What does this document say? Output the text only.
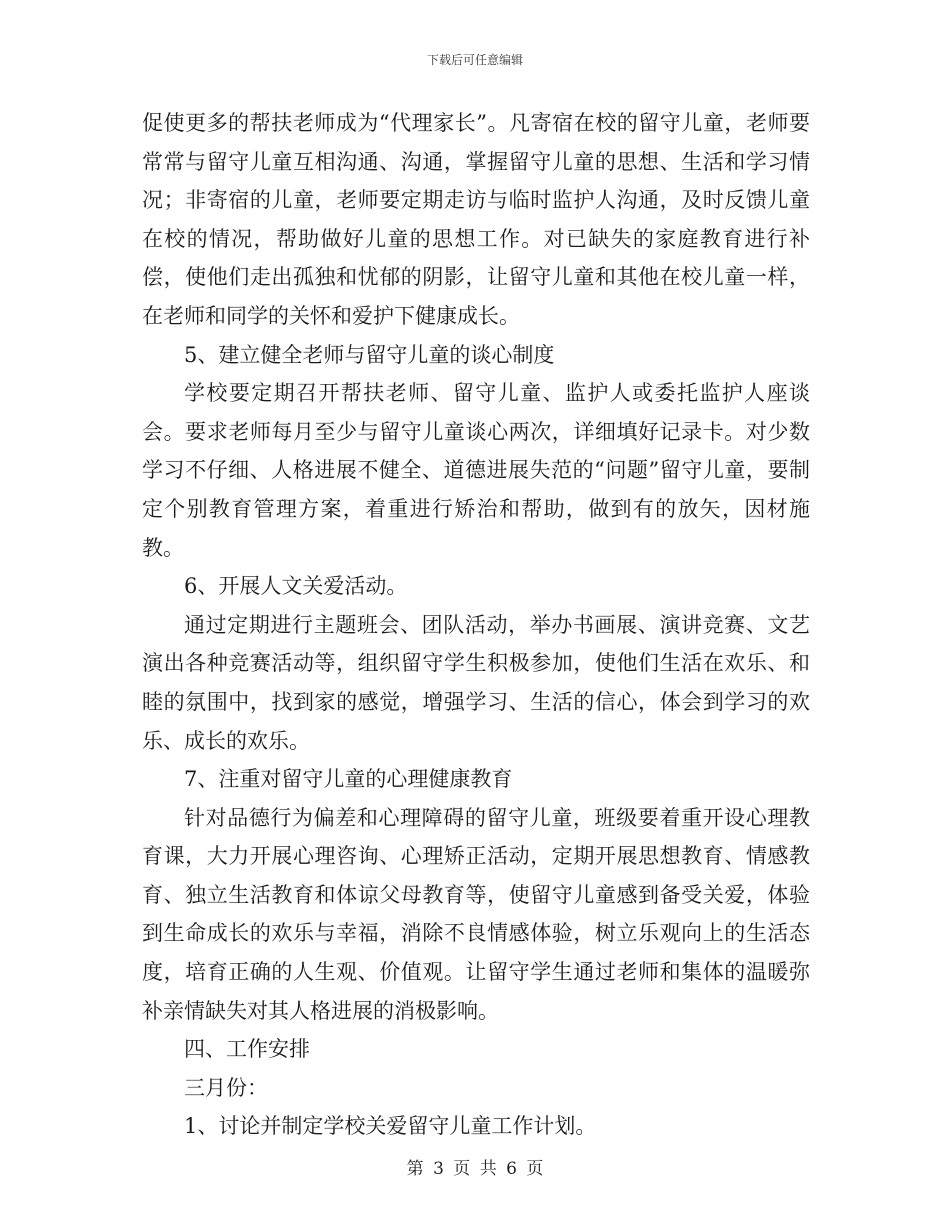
下载后可任意编辑

促使更多的帮扶老师成为“代理家长”。凡寄宿在校的留守儿童，老师要常常与留守儿童互相沟通、沟通，掌握留守儿童的思想、生活和学习情况；非寄宿的儿童，老师要定期走访与临时监护人沟通，及时反馈儿童在校的情况，帮助做好儿童的思想工作。对已缺失的家庭教育进行补偿，使他们走出孤独和忧郁的阴影，让留守儿童和其他在校儿童一样，在老师和同学的关怀和爱护下健康成长。

5、建立健全老师与留守儿童的谈心制度

学校要定期召开帮扶老师、留守儿童、监护人或委托监护人座谈会。要求老师每月至少与留守儿童谈心两次，详细填好记录卡。对少数学习不仔细、人格进展不健全、道德进展失范的“问题”留守儿童，要制定个别教育管理方案，着重进行矫治和帮助，做到有的放矢，因材施教。

6、开展人文关爱活动。

通过定期进行主题班会、团队活动，举办书画展、演讲竞赛、文艺演出各种竞赛活动等，组织留守学生积极参加，使他们生活在欢乐、和睦的氛围中，找到家的感觉，增强学习、生活的信心，体会到学习的欢乐、成长的欢乐。

7、注重对留守儿童的心理健康教育

针对品德行为偏差和心理障碍的留守儿童，班级要着重开设心理教育课，大力开展心理咨询、心理矫正活动，定期开展思想教育、情感教育、独立生活教育和体谅父母教育等，使留守儿童感到备受关爱，体验到生命成长的欢乐与幸福，消除不良情感体验，树立乐观向上的生活态度，培育正确的人生观、价值观。让留守学生通过老师和集体的温暖弥补亲情缺失对其人格进展的消极影响。

四、工作安排

三月份：

1、讨论并制定学校关爱留守儿童工作计划。

第 3 页 共 6 页
